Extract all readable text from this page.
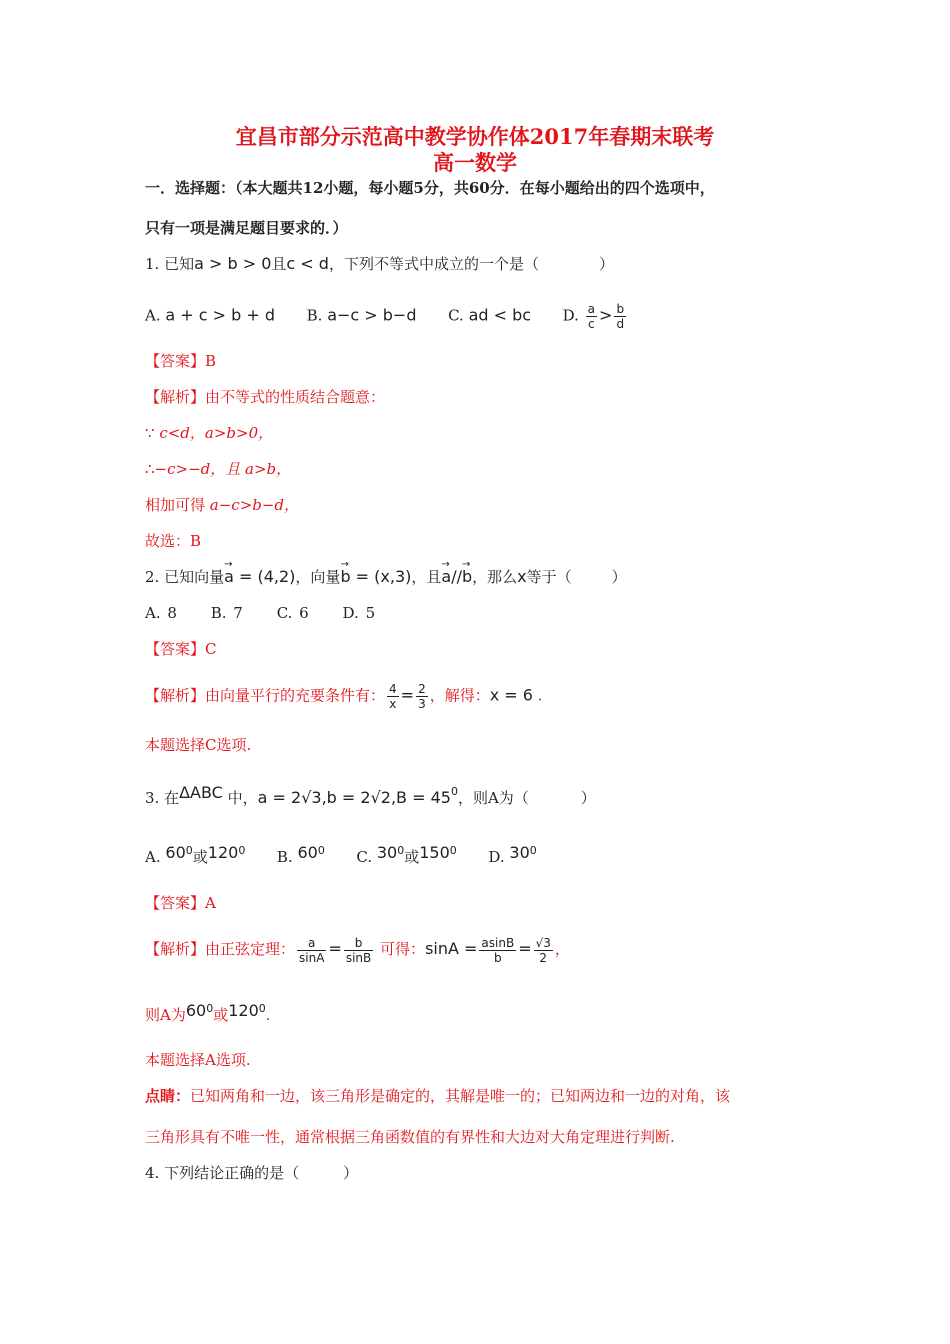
宜昌市部分示范高中教学协作体2017年春期末联考
高一数学
一．选择题：（本大题共12小题，每小题5分，共60分．在每小题给出的四个选项中，
只有一项是满足题目要求的．）
1. 已知a > b > 0且c < d，下列不等式中成立的一个是（	）
A. a + c > b + d B. a−c > b−d C. ad < bc D. $\frac{a}{c} > \frac{b}{d}$
【答案】B
【解析】由不等式的性质结合题意：
∵ c<d，a>b>0，
∴−c>−d，且 a>b，
相加可得 a−c>b−d，
故选：B
2. 已知向量→ a = (4,2)，向量→ b = (x,3)，且→ a//→ b，那么x等于（	）
A. 8     B. 7     C. 6     D. 5
【答案】C
【解析】由向量平行的充要条件有： $\frac{4}{x} = \frac{2}{3}$ ，解得：x = 6 .
本题选择C选项.
3. 在ΔABC 中，$a = 2√3,b = 2√2,B = 45^0$，则A为（	）
A. $60^0$或$120^0$ B. $60^0$ C. $30^0$或$150^0$ D. $30^0$
【答案】A
【解析】由正弦定理： $\frac{a}{\sin A} = \frac{b}{\sin B}$ 可得：$\sin A = \frac{asinB}{b} = \frac{√3}{2}$ ，
则A为$60^0$或$120^0$.
本题选择A选项.
点睛：已知两角和一边，该三角形是确定的，其解是唯一的；已知两边和一边的对角，该
三角形具有不唯一性，通常根据三角函数值的有界性和大边对大角定理进行判断.
4. 下列结论正确的是（	）
